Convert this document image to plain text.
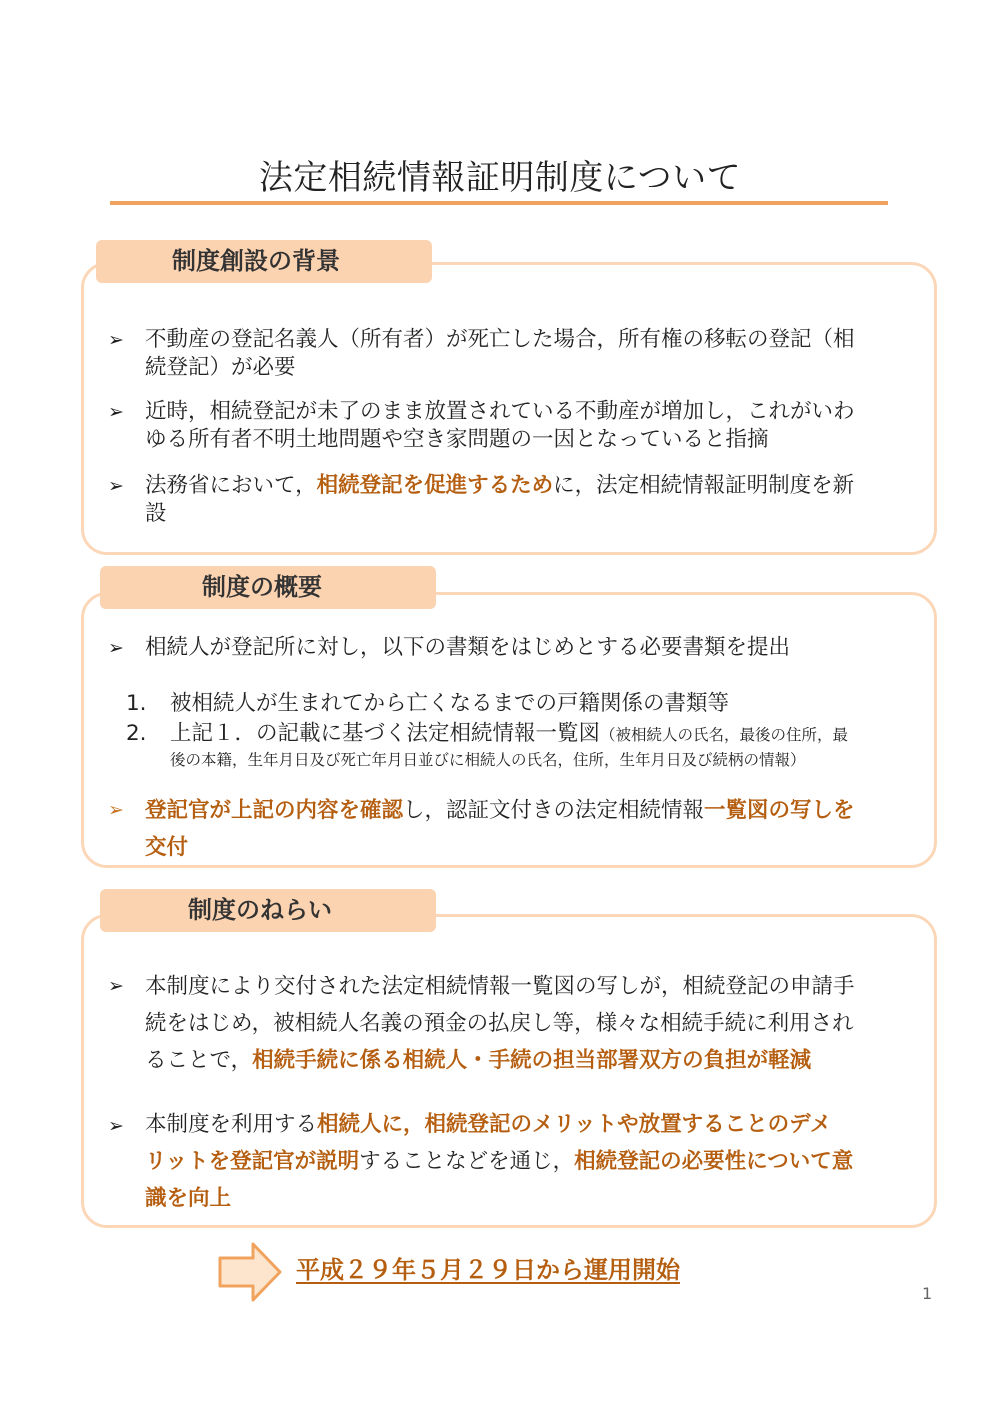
法定相続情報証明制度について
制度創設の背景
➢ 不動産の登記名義人（所有者）が死亡した場合，所有権の移転の登記（相
続登記）が必要
➢ 近時，相続登記が未了のまま放置されている不動産が増加し，これがいわ
ゆる所有者不明土地問題や空き家問題の一因となっていると指摘
➢ 法務省において，相続登記を促進するために，法定相続情報証明制度を新
設
制度の概要
➢ 相続人が登記所に対し，以下の書類をはじめとする必要書類を提出
1. 被相続人が生まれてから亡くなるまでの戸籍関係の書類等
2. 上記１．の記載に基づく法定相続情報一覧図（被相続人の氏名，最後の住所，最
後の本籍，生年月日及び死亡年月日並びに相続人の氏名，住所，生年月日及び続柄の情報）
➢ 登記官が上記の内容を確認し，認証文付きの法定相続情報一覧図の写しを
交付
制度のねらい
➢ 本制度により交付された法定相続情報一覧図の写しが，相続登記の申請手
続をはじめ，被相続人名義の預金の払戻し等，様々な相続手続に利用され
ることで，相続手続に係る相続人・手続の担当部署双方の負担が軽減
➢ 本制度を利用する相続人に，相続登記のメリットや放置することのデメ
リットを登記官が説明することなどを通じ，相続登記の必要性について意
識を向上
平成２９年５月２９日から運用開始
1
